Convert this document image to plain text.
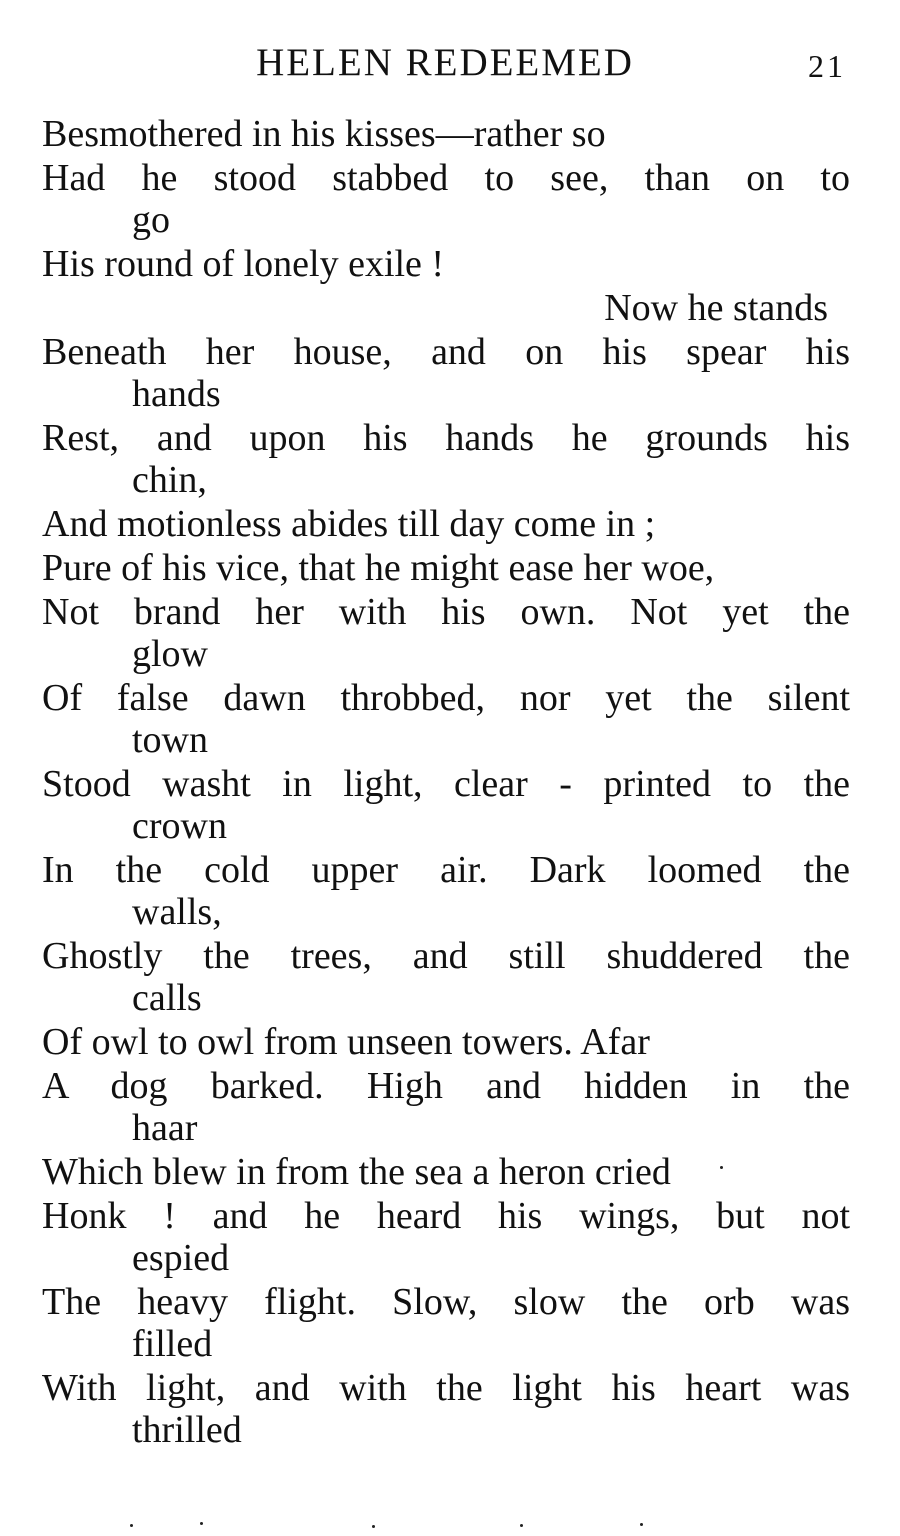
HELEN REDEEMED	21

Besmothered in his kisses—rather so

Had he stood stabbed to see, than on to
go

His round of lonely exile !

Now he stands

Beneath her house, and on his spear his
hands

Rest, and upon his hands he grounds his
chin,

And motionless abides till day come in ;

Pure of his vice, that he might ease her woe,

Not brand her with his own. Not yet the
glow

Of false dawn throbbed, nor yet the silent
town

Stood washt in light, clear - printed to the
crown

In the cold upper air. Dark loomed the
walls,

Ghostly the trees, and still shuddered the
calls

Of owl to owl from unseen towers. Afar

A dog barked. High and hidden in the
haar

Which blew in from the sea a heron cried

Honk ! and he heard his wings, but not
espied

The heavy flight. Slow, slow the orb was
filled

With light, and with the light his heart was
thrilled
